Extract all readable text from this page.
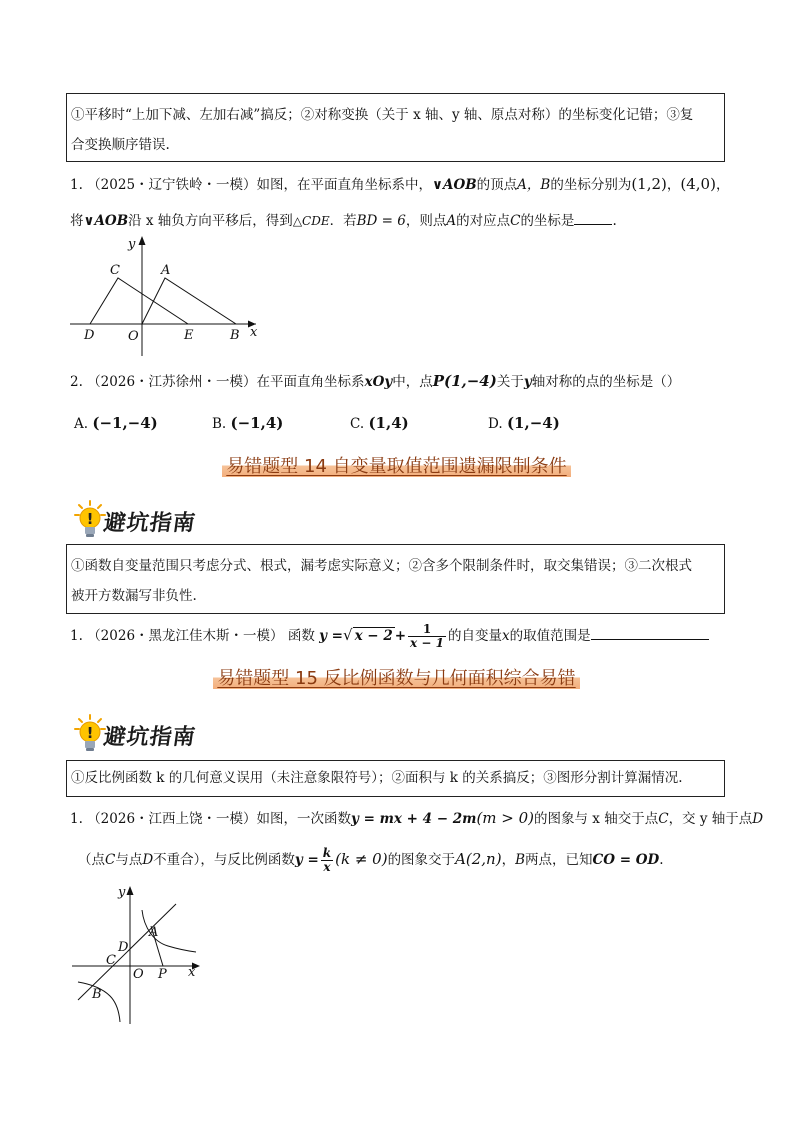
①平移时“上加下减、左加右减”搞反；②对称变换（关于 x 轴、y 轴、原点对称）的坐标变化记错；③复
合变换顺序错误.
1. （2025・辽宁铁岭・一模）如图，在平面直角坐标系中，∨AOB的顶点A，B的坐标分别为(1,2)，(4,0)，
将∨AOB沿 x 轴负方向平移后，得到△CDE．若BD = 6，则点A的对应点C的坐标是	.
y
C	A
D	O	E	B x
2. （2026・江苏徐州・一模）在平面直角坐标系xOy中，点P(1,−4)关于y轴对称的点的坐标是（）
A. (−1,−4)	B. (−1,4)	C. (1,4)	D. (1,−4)
易错题型 14 自变量取值范围遗漏限制条件
! 避坑指南
①函数自变量范围只考虑分式、根式，漏考虑实际意义；②含多个限制条件时，取交集错误；③二次根式
被开方数漏写非负性.
1. （2026・黑龙江佳木斯・一模） 函数 y =√ $x - 2 + \frac{1}{x - 1}$ 的自变量x的取值范围是
易错题型 15 反比例函数与几何面积综合易错
! 避坑指南
①反比例函数 k 的几何意义误用（未注意象限符号）；②面积与 k 的关系搞反；③图形分割计算漏情况.
1. （2026・江西上饶・一模）如图，一次函数y = mx + 4 − 2m(m > 0)的图象与 x 轴交于点C，交 y 轴于点D
（点C与点D不重合），与反比例函数$y = \frac{k}{x} (k \ne 0)$的图象交于A(2,n)，B两点，已知CO = OD.
y
D
A
C
O P x
B
